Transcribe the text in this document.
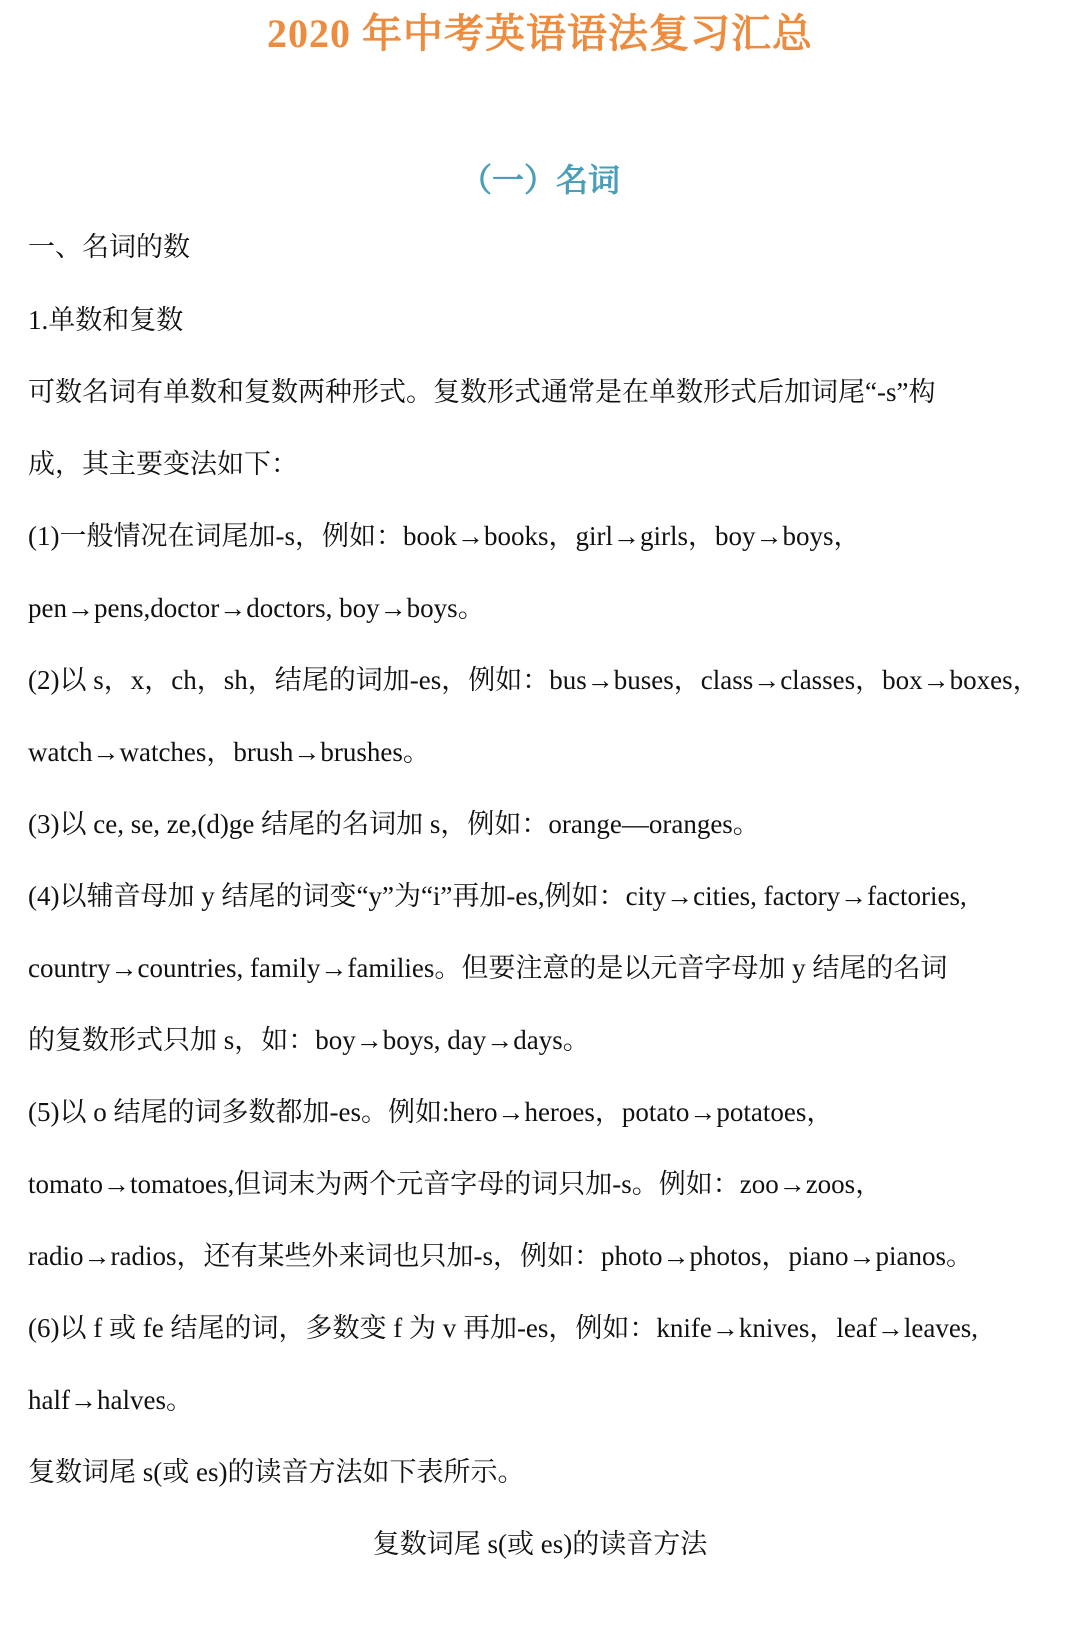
2020 年中考英语语法复习汇总
（一）名词
一、名词的数
1.单数和复数
可数名词有单数和复数两种形式。复数形式通常是在单数形式后加词尾“-s”构
成，其主要变法如下：
(1)一般情况在词尾加-s，例如：book→books，girl→girls，boy→boys，
pen→pens,doctor→doctors, boy→boys。
(2)以 s，x，ch，sh，结尾的词加-es，例如：bus→buses，class→classes，box→boxes，
watch→watches，brush→brushes。
(3)以 ce, se, ze,(d)ge 结尾的名词加 s，例如：orange—oranges。
(4)以辅音母加 y 结尾的词变“y”为“i”再加-es,例如：city→cities, factory→factories,
country→countries, family→families。但要注意的是以元音字母加 y 结尾的名词
的复数形式只加 s，如：boy→boys, day→days。
(5)以 o 结尾的词多数都加-es。例如:hero→heroes，potato→potatoes，
tomato→tomatoes,但词末为两个元音字母的词只加-s。例如：zoo→zoos，
radio→radios，还有某些外来词也只加-s，例如：photo→photos，piano→pianos。
(6)以 f 或 fe 结尾的词，多数变 f 为 v 再加-es，例如：knife→knives，leaf→leaves,
half→halves。
复数词尾 s(或 es)的读音方法如下表所示。
复数词尾 s(或 es)的读音方法
